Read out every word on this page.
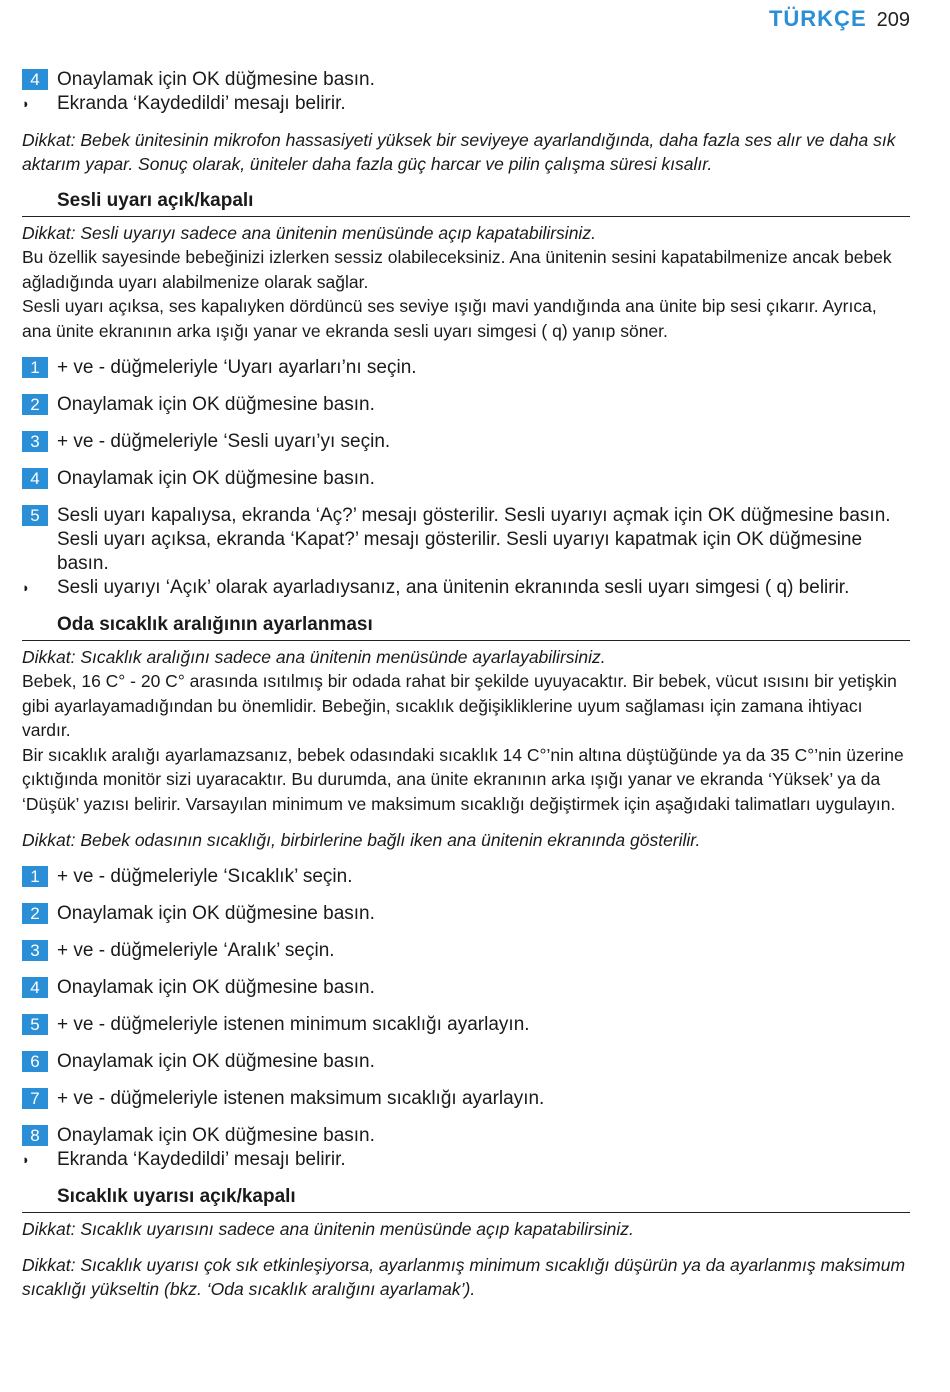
TÜRKÇE 209
4 Onaylamak için OK düğmesine basın.
◗	Ekranda ‘Kaydedildi’ mesajı belirir.
Dikkat: Bebek ünitesinin mikrofon hassasiyeti yüksek bir seviyeye ayarlandığında, daha fazla ses alır ve daha sık aktarım yapar. Sonuç olarak, üniteler daha fazla güç harcar ve pilin çalışma süresi kısalır.
Sesli uyarı açık/kapalı
Dikkat: Sesli uyarıyı sadece ana ünitenin menüsünde açıp kapatabilirsiniz.
Bu özellik sayesinde bebeğinizi izlerken sessiz olabileceksiniz. Ana ünitenin sesini kapatabilmenize ancak bebek ağladığında uyarı alabilmenize olarak sağlar.
Sesli uyarı açıksa, ses kapalıyken dördüncü ses seviye ışığı mavi yandığında ana ünite bip sesi çıkarır. Ayrıca, ana ünite ekranının arka ışığı yanar ve ekranda sesli uyarı simgesi ( q) yanıp söner.
1 + ve - düğmeleriyle ‘Uyarı ayarları’nı seçin.
2 Onaylamak için OK düğmesine basın.
3 + ve - düğmeleriyle ‘Sesli uyarı’yı seçin.
4 Onaylamak için OK düğmesine basın.
5 Sesli uyarı kapalıysa, ekranda ‘Aç?’ mesajı gösterilir. Sesli uyarıyı açmak için OK düğmesine basın. Sesli uyarı açıksa, ekranda ‘Kapat?’ mesajı gösterilir. Sesli uyarıyı kapatmak için OK düğmesine basın.
◗	Sesli uyarıyı ‘Açık’ olarak ayarladıysanız, ana ünitenin ekranında sesli uyarı simgesi ( q) belirir.
Oda sıcaklık aralığının ayarlanması
Dikkat: Sıcaklık aralığını sadece ana ünitenin menüsünde ayarlayabilirsiniz.
Bebek, 16 C° - 20 C° arasında ısıtılmış bir odada rahat bir şekilde uyuyacaktır. Bir bebek, vücut ısısını bir yetişkin gibi ayarlayamadığından bu önemlidir. Bebeğin, sıcaklık değişikliklerine uyum sağlaması için zamana ihtiyacı vardır.
Bir sıcaklık aralığı ayarlamazsanız, bebek odasındaki sıcaklık 14 C°’nin altına düştüğünde ya da 35 C°’nin üzerine çıktığında monitör sizi uyaracaktır. Bu durumda, ana ünite ekranının arka ışığı yanar ve ekranda ‘Yüksek’ ya da ‘Düşük’ yazısı belirir. Varsayılan minimum ve maksimum sıcaklığı değiştirmek için aşağıdaki talimatları uygulayın.
Dikkat: Bebek odasının sıcaklığı, birbirlerine bağlı iken ana ünitenin ekranında gösterilir.
1 + ve - düğmeleriyle ‘Sıcaklık’ seçin.
2 Onaylamak için OK düğmesine basın.
3 + ve - düğmeleriyle ‘Aralık’ seçin.
4 Onaylamak için OK düğmesine basın.
5 + ve - düğmeleriyle istenen minimum sıcaklığı ayarlayın.
6 Onaylamak için OK düğmesine basın.
7 + ve - düğmeleriyle istenen maksimum sıcaklığı ayarlayın.
8 Onaylamak için OK düğmesine basın.
◗	Ekranda ‘Kaydedildi’ mesajı belirir.
Sıcaklık uyarısı açık/kapalı
Dikkat: Sıcaklık uyarısını sadece ana ünitenin menüsünde açıp kapatabilirsiniz.
Dikkat: Sıcaklık uyarısı çok sık etkinleşiyorsa, ayarlanmış minimum sıcaklığı düşürün ya da ayarlanmış maksimum sıcaklığı yükseltin (bkz. ‘Oda sıcaklık aralığını ayarlamak’).
